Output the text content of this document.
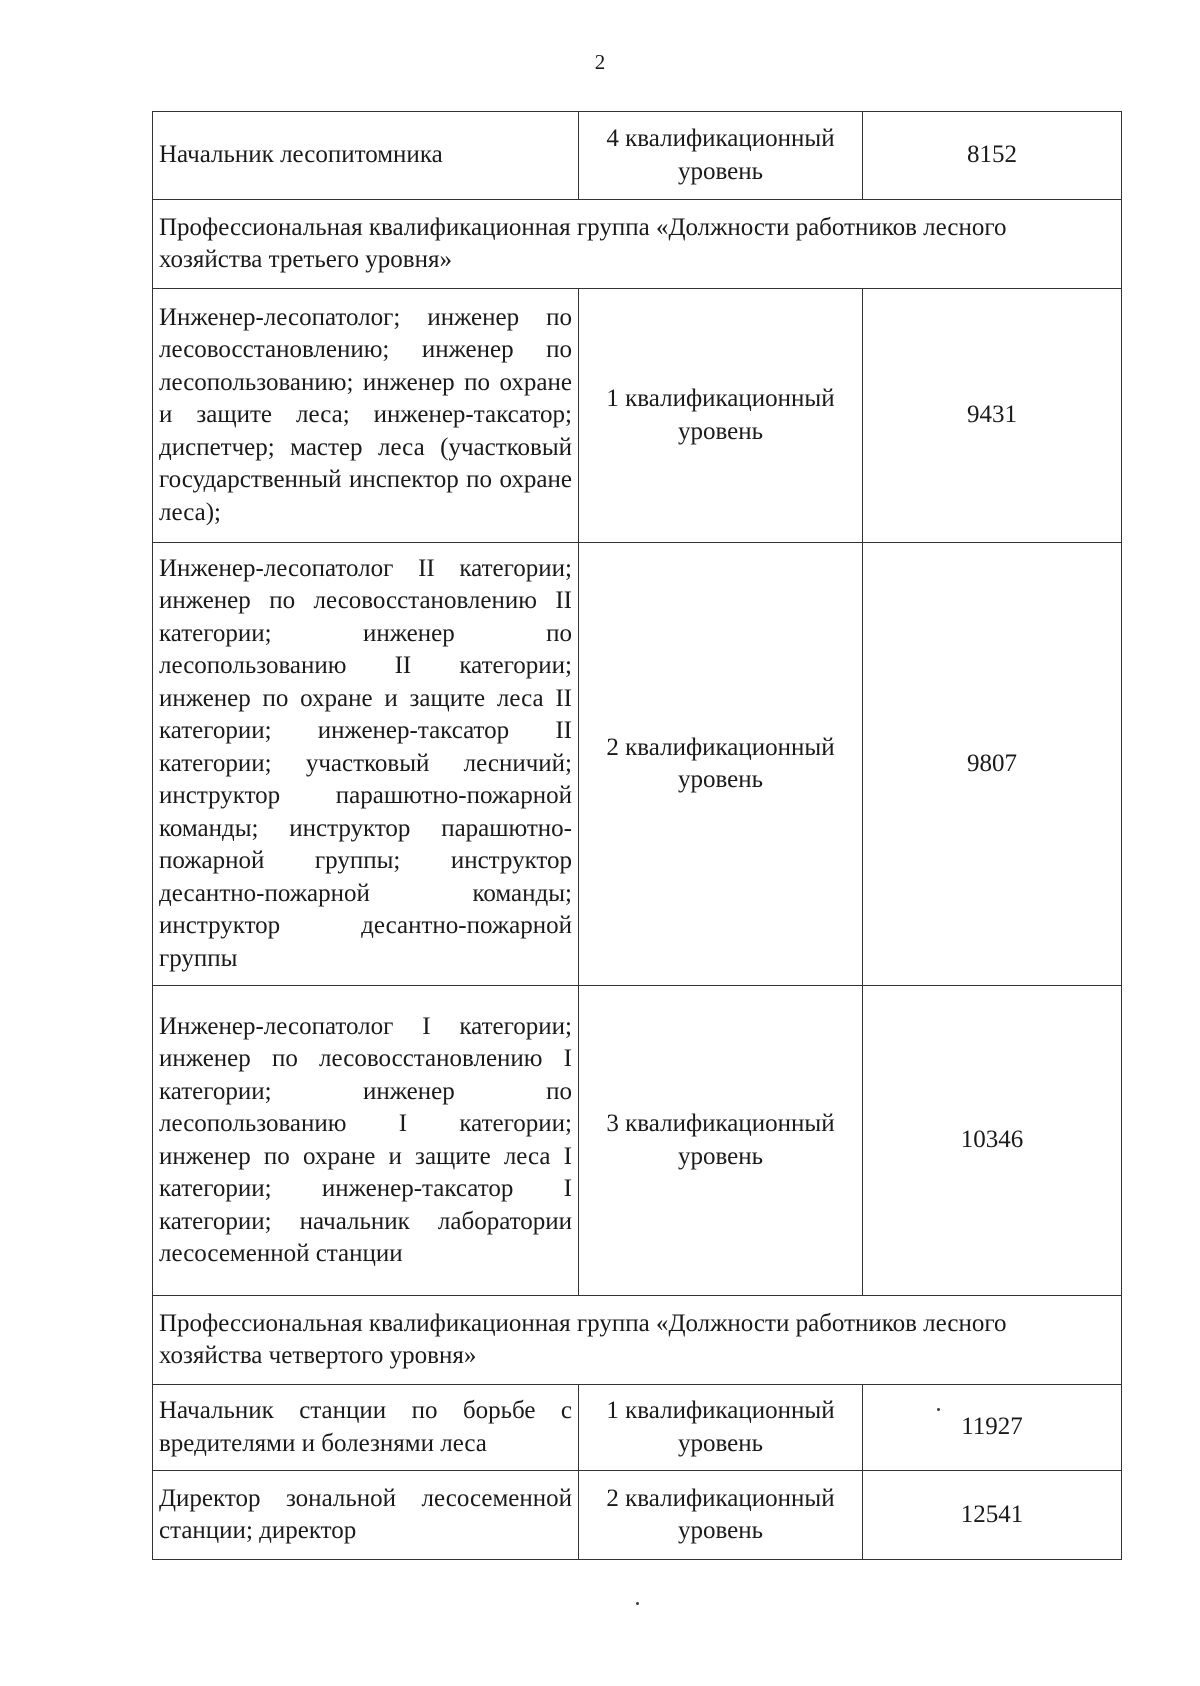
2
Начальник лесопитомника	4 квалификационный уровень	8152
Профессиональная квалификационная группа «Должности работников лесного хозяйства третьего уровня»		
Инженер-лесопатолог; инженер по лесовосстановлению; инженер по лесопользованию; инженер по охране и защите леса; инженер-таксатор; диспетчер; мастер леса (участковый государственный инспектор по охране леса);	1 квалификационный уровень	9431
Инженер-лесопатолог II категории; инженер по лесовосстановлению II категории; инженер по лесопользованию II категории; инженер по охране и защите леса II категории; инженер-таксатор II категории; участковый лесничий; инструктор парашютно-пожарной команды; инструктор парашютно-пожарной группы; инструктор десантно-пожарной команды; инструктор десантно-пожарной группы	2 квалификационный уровень	9807
Инженер-лесопатолог I категории; инженер по лесовосстановлению I категории; инженер по лесопользованию I категории; инженер по охране и защите леса I категории; инженер-таксатор I категории; начальник лаборатории лесосеменной станции	3 квалификационный уровень	10346
Профессиональная квалификационная группа «Должности работников лесного хозяйства четвертого уровня»		
Начальник станции по борьбе с вредителями и болезнями леса	1 квалификационный уровень	11927
Директор зональной лесосеменной станции; директор	2 квалификационный уровень	12541
